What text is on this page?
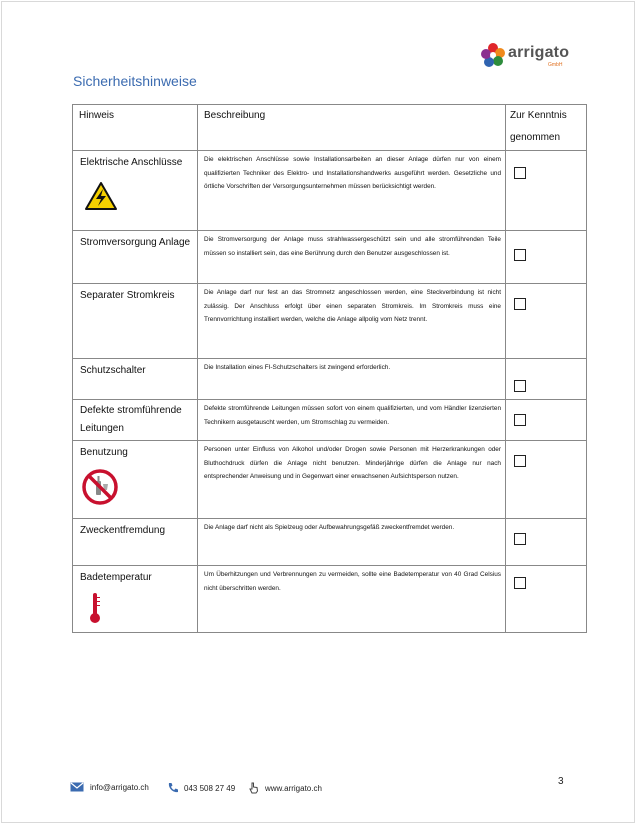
arrigato
GmbH
Sicherheitshinweise
Hinweis	Beschreibung	Zur Kenntnis genommen

Elektrische Anschlüsse	Die elektrischen Anschlüsse sowie Installationsarbeiten an dieser Anlage dürfen nur von einem qualifizierten Techniker des Elektro- und Installationshandwerks ausgeführt werden. Gesetzliche und örtliche Vorschriften der Versorgungsunternehmen müssen berücksichtigt werden.	

Stromversorgung Anlage	Die Stromversorgung der Anlage muss strahlwassergeschützt sein und alle stromführenden Teile müssen so installiert sein, das eine Berührung durch den Benutzer ausgeschlossen ist.	

Separater Stromkreis	Die Anlage darf nur fest an das Stromnetz angeschlossen werden, eine Steckverbindung ist nicht zulässig. Der Anschluss erfolgt über einen separaten Stromkreis. Im Stromkreis muss eine Trennvorrichtung installiert werden, welche die Anlage allpolig vom Netz trennt.	

Schutzschalter	Die Installation eines FI-Schutzschalters ist zwingend erforderlich.	

Defekte stromführende Leitungen	Defekte stromführende Leitungen müssen sofort von einem qualifizierten, und vom Händler lizenzierten Technikern ausgetauscht werden, um Stromschlag zu vermeiden.	

Benutzung	Personen unter Einfluss von Alkohol und/oder Drogen sowie Personen mit Herzerkrankungen oder Bluthochdruck dürfen die Anlage nicht benutzen. Minderjährige dürfen die Anlage nur nach entsprechender Anweisung und in Gegenwart einer erwachsenen Aufsichtsperson nutzen.	

Zweckentfremdung	Die Anlage darf nicht als Spielzeug oder Aufbewahrungsgefäß zweckentfremdet werden.	

Badetemperatur	Um Überhitzungen und Verbrennungen zu vermeiden, sollte eine Badetemperatur von 40 Grad Celsius nicht überschritten werden.	
info@arrigato.ch	043 508 27 49	www.arrigato.ch
3
